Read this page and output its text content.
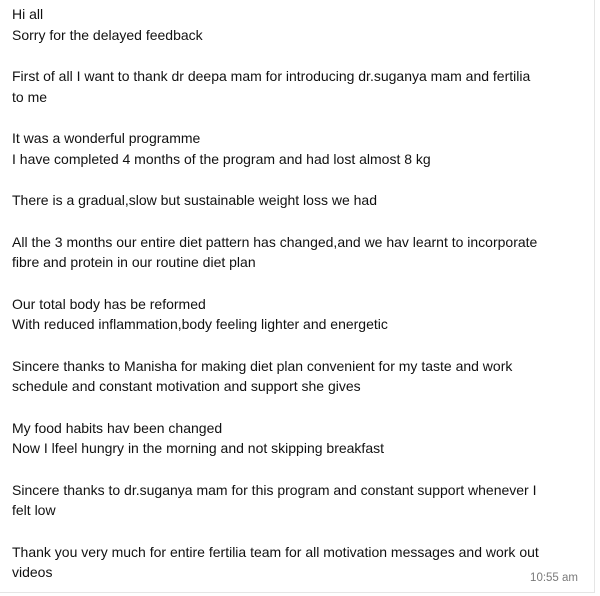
Hi all
Sorry for the delayed feedback

First of all I want to thank dr deepa mam for introducing dr.suganya mam and fertilia
to me

It was a wonderful programme
I have completed 4 months of the program and had lost almost 8 kg

There is a gradual,slow but sustainable weight loss we had

All the 3 months our entire diet pattern has changed,and we hav learnt to incorporate
fibre and protein in our routine diet plan

Our total body has be reformed
With reduced inflammation,body feeling lighter and energetic

Sincere thanks to Manisha for making diet plan convenient for my taste and work
schedule and constant motivation and support she gives

My food habits hav been changed
Now I lfeel hungry in the morning and not skipping breakfast

Sincere thanks to dr.suganya mam for this program and constant support whenever I
felt low

Thank you very much for entire fertilia team for all motivation messages and work out
videos	10:55 am
